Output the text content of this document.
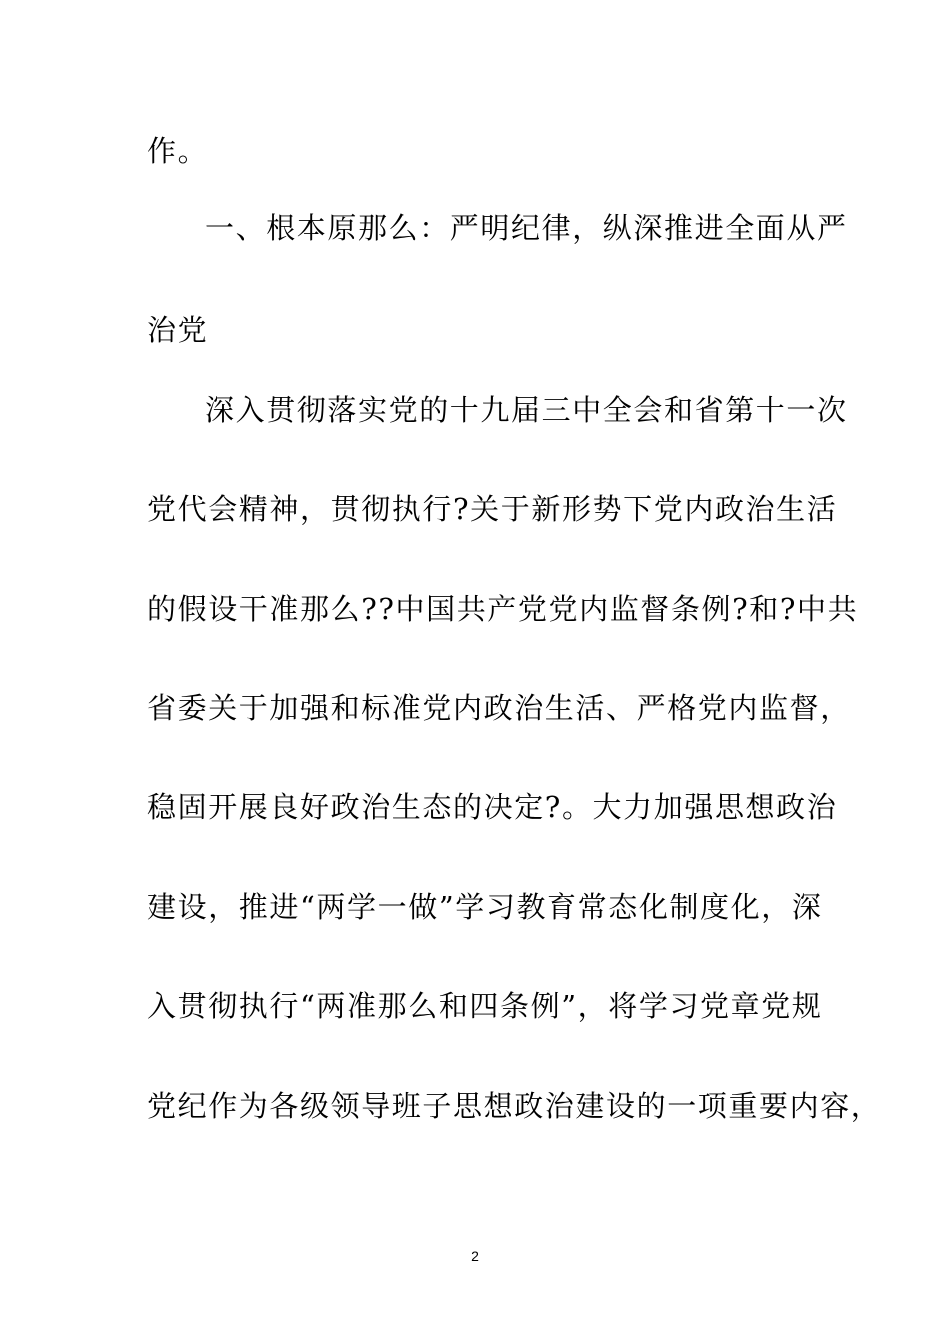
作。
一、根本原那么：严明纪律，纵深推进全面从严
治党
深入贯彻落实党的十九届三中全会和省第十一次
党代会精神，贯彻执行?关于新形势下党内政治生活
的假设干准那么??中国共产党党内监督条例?和?中共
省委关于加强和标准党内政治生活、严格党内监督，
稳固开展良好政治生态的决定?。大力加强思想政治
建设，推进“两学一做”学习教育常态化制度化，深
入贯彻执行“两准那么和四条例”，将学习党章党规
党纪作为各级领导班子思想政治建设的一项重要内容，
2
